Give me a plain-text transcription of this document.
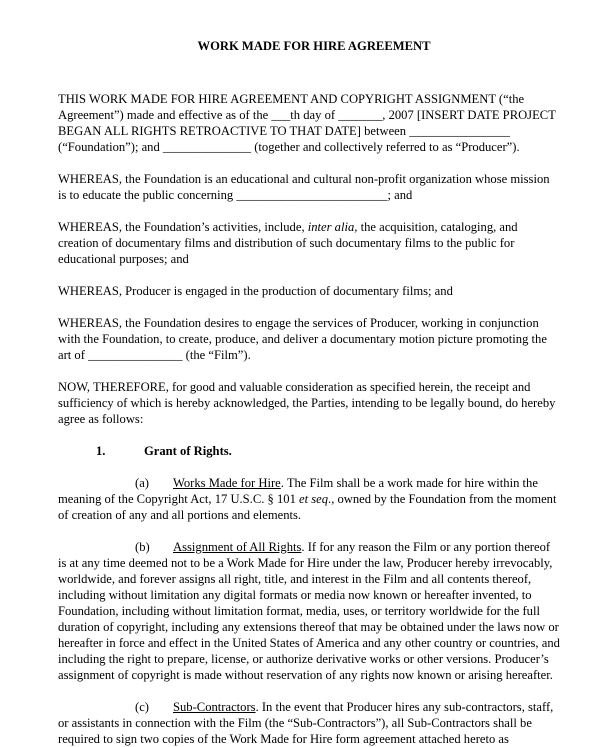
WORK MADE FOR HIRE AGREEMENT

THIS WORK MADE FOR HIRE AGREEMENT AND COPYRIGHT ASSIGNMENT (“the Agreement”) made and effective as of the ___th day of _______, 2007 [INSERT DATE PROJECT BEGAN ALL RIGHTS RETROACTIVE TO THAT DATE] between ________________ (“Foundation”); and ______________ (together and collectively referred to as “Producer”).

WHEREAS, the Foundation is an educational and cultural non-profit organization whose mission is to educate the public concerning ________________________; and

WHEREAS, the Foundation’s activities, include, inter alia, the acquisition, cataloging, and creation of documentary films and distribution of such documentary films to the public for educational purposes; and

WHEREAS, Producer is engaged in the production of documentary films; and

WHEREAS, the Foundation desires to engage the services of Producer, working in conjunction with the Foundation, to create, produce, and deliver a documentary motion picture promoting the art of _______________ (the “Film”).

NOW, THEREFORE, for good and valuable consideration as specified herein, the receipt and sufficiency of which is hereby acknowledged, the Parties, intending to be legally bound, do hereby agree as follows:

1.	Grant of Rights.

(a) Works Made for Hire. The Film shall be a work made for hire within the meaning of the Copyright Act, 17 U.S.C. § 101 et seq., owned by the Foundation from the moment of creation of any and all portions and elements.

(b) Assignment of All Rights. If for any reason the Film or any portion thereof is at any time deemed not to be a Work Made for Hire under the law, Producer hereby irrevocably, worldwide, and forever assigns all right, title, and interest in the Film and all contents thereof, including without limitation any digital formats or media now known or hereafter invented, to Foundation, including without limitation format, media, uses, or territory worldwide for the full duration of copyright, including any extensions thereof that may be obtained under the laws now or hereafter in force and effect in the United States of America and any other country or countries, and including the right to prepare, license, or authorize derivative works or other versions. Producer’s assignment of copyright is made without reservation of any rights now known or arising hereafter.

(c) Sub-Contractors. In the event that Producer hires any sub-contractors, staff, or assistants in connection with the Film (the “Sub-Contractors”), all Sub-Contractors shall be required to sign two copies of the Work Made for Hire form agreement attached hereto as
